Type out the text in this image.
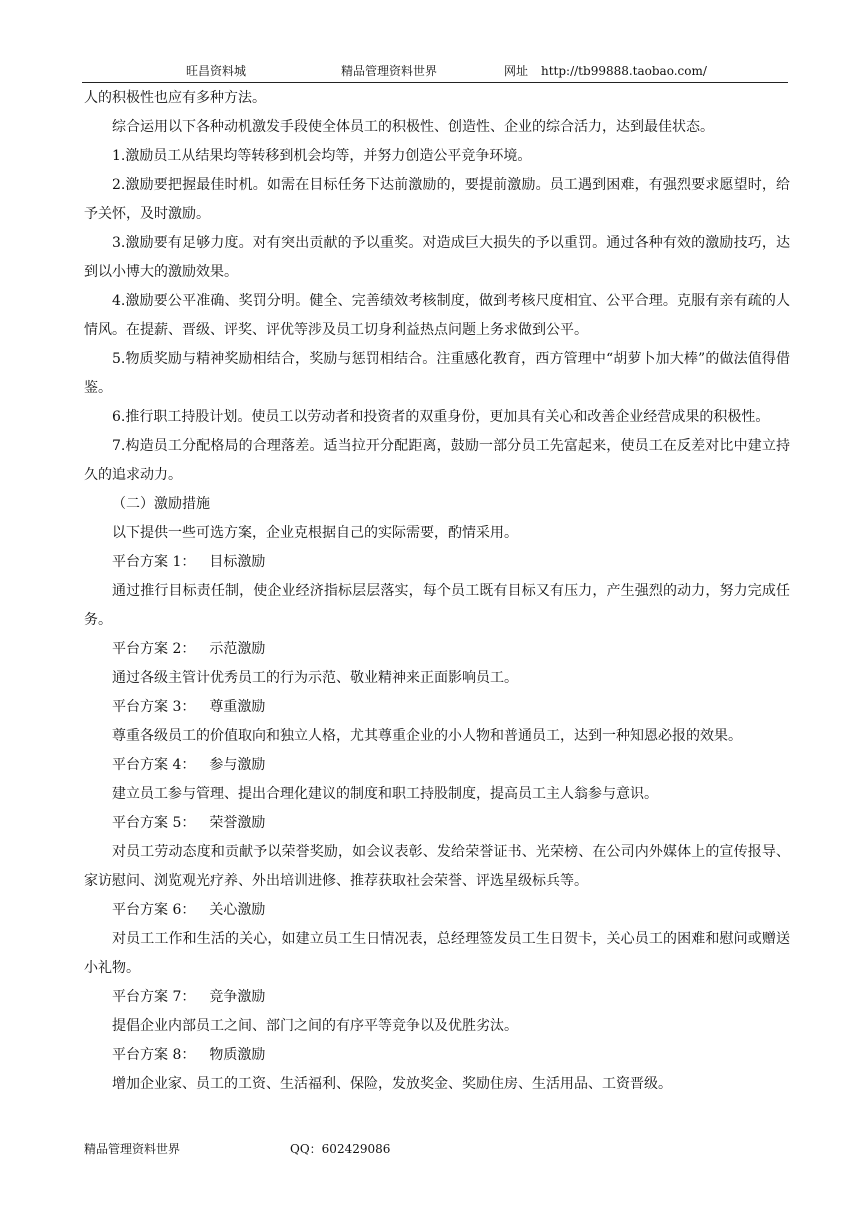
旺昌资料城	精品管理资料世界	网址 http://tb99888.taobao.com/

人的积极性也应有多种方法。

综合运用以下各种动机激发手段使全体员工的积极性、创造性、企业的综合活力，达到最佳状态。

1.激励员工从结果均等转移到机会均等，并努力创造公平竞争环境。

2.激励要把握最佳时机。如需在目标任务下达前激励的，要提前激励。员工遇到困难，有强烈要求愿望时，给予关怀，及时激励。

3.激励要有足够力度。对有突出贡献的予以重奖。对造成巨大损失的予以重罚。通过各种有效的激励技巧，达到以小博大的激励效果。

4.激励要公平准确、奖罚分明。健全、完善绩效考核制度，做到考核尺度相宜、公平合理。克服有亲有疏的人情风。在提薪、晋级、评奖、评优等涉及员工切身利益热点问题上务求做到公平。

5.物质奖励与精神奖励相结合，奖励与惩罚相结合。注重感化教育，西方管理中“胡萝卜加大棒”的做法值得借鉴。

6.推行职工持股计划。使员工以劳动者和投资者的双重身份，更加具有关心和改善企业经营成果的积极性。

7.构造员工分配格局的合理落差。适当拉开分配距离，鼓励一部分员工先富起来，使员工在反差对比中建立持久的追求动力。

（二）激励措施

以下提供一些可选方案，企业克根据自己的实际需要，酌情采用。

平台方案 1： 目标激励

通过推行目标责任制，使企业经济指标层层落实，每个员工既有目标又有压力，产生强烈的动力，努力完成任务。

平台方案 2： 示范激励

通过各级主管计优秀员工的行为示范、敬业精神来正面影响员工。

平台方案 3： 尊重激励

尊重各级员工的价值取向和独立人格，尤其尊重企业的小人物和普通员工，达到一种知恩必报的效果。

平台方案 4： 参与激励

建立员工参与管理、提出合理化建议的制度和职工持股制度，提高员工主人翁参与意识。

平台方案 5： 荣誉激励

对员工劳动态度和贡献予以荣誉奖励，如会议表彰、发给荣誉证书、光荣榜、在公司内外媒体上的宣传报导、家访慰问、浏览观光疗养、外出培训进修、推荐获取社会荣誉、评选星级标兵等。

平台方案 6： 关心激励

对员工工作和生活的关心，如建立员工生日情况表，总经理签发员工生日贺卡，关心员工的困难和慰问或赠送小礼物。

平台方案 7： 竞争激励

提倡企业内部员工之间、部门之间的有序平等竞争以及优胜劣汰。

平台方案 8： 物质激励

增加企业家、员工的工资、生活福利、保险，发放奖金、奖励住房、生活用品、工资晋级。

精品管理资料世界	QQ：602429086
